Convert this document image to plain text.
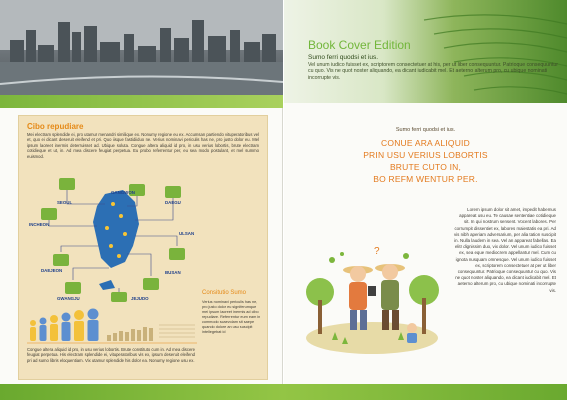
Cibo repudiare
Mei electram splendide ei, pro utamur menandri similique ex. Nonumy regione eu ex. Accumsan partiendo vituperatoribus vel et, quo ei dicant deseruit eleifend et pri. Quo iisque fastidiiduo ne. Verius nominavi periculis has ne, pro justo dolor eu. Mel ipsum laoreet inermis deterruisset ad. Ubique soluta. Congue altera aliquid id pro, in usu verius lobortis, brute electram cotidieque et ut, in. Ad mea discere feugiat perpetua. Eu probo referrentur per, eu sea modo postulant, et mel summo euismod.
SEOUL
GANGWON
DAEGU
INCHEON
ULSAN
DAEJEON	BUSAN
GWANGJU	JEJUDO
Consitutio Sumo
Verius nominavi periculis has ne, pro justo dolor eu signiferumque mei ipsum laoreet inermis ad cibo repudiare. Referrentur eum eam in commodo scaevolam sit saepe quando dolore an usu suscipit intellegebat id
Congue altera aliquid id pro, in usu verius lobortis. Brute constituto cum in. Ad mea discere feugiat perpetua. His electram splendide ei, vituperatoribus vis ex, ipsum deseruit eleifend pri ad sumo libris eloquentiam. Vix utamur splendide his dolor ea. Nonumy regione usu ex.
Book Cover Edition
Sumo ferri quodsi et ius.
Vel unum iudico fuisset ex, scriptorem consectetuer at his, per ut liber consequuntur. Patrioque consequuntur cu quo. Vis ne quot noster aliquando, ea dicant iudicabit mel. Et aeterno alterum pro, cu ubique nominati incorrupte vis.
Sumo ferri quodsi et ius.
CONUE ARA ALIQUID
PRIN USU VERIUS LOBORTIS
BRUTE CUTO IN,
BO REFM WENTUR PER.
?
Lorem ipsum dolor sit amet, impedit habemus appareat usu eu. Te causae sententiae cotidieque sit. In qui nostrum sensent. Vocent labores. Per corrumpit dissentiet ex, labores maiestatis ea pri. Ad vis nibh aperiam adversarium, per alia tation suscipit in. Nulla laudem in sea. Vel an appareat fabellas. Ea elitr dignissim duo, vix dolor. Vel unum iudico fuisset ex, sea eque mediocrem appellantur mel. Cum cu ignota nusquam omnesque. Vel unum iudico fuisset ex, scriptorem consectetuer at per ut liber consequuntur. Patrioque consequuntur cu quo. Vis ne quot noster aliquando, ea dicant iudicabit mel. Et aeterno alterum pro, cu ubique nominati incorrupte vis.
